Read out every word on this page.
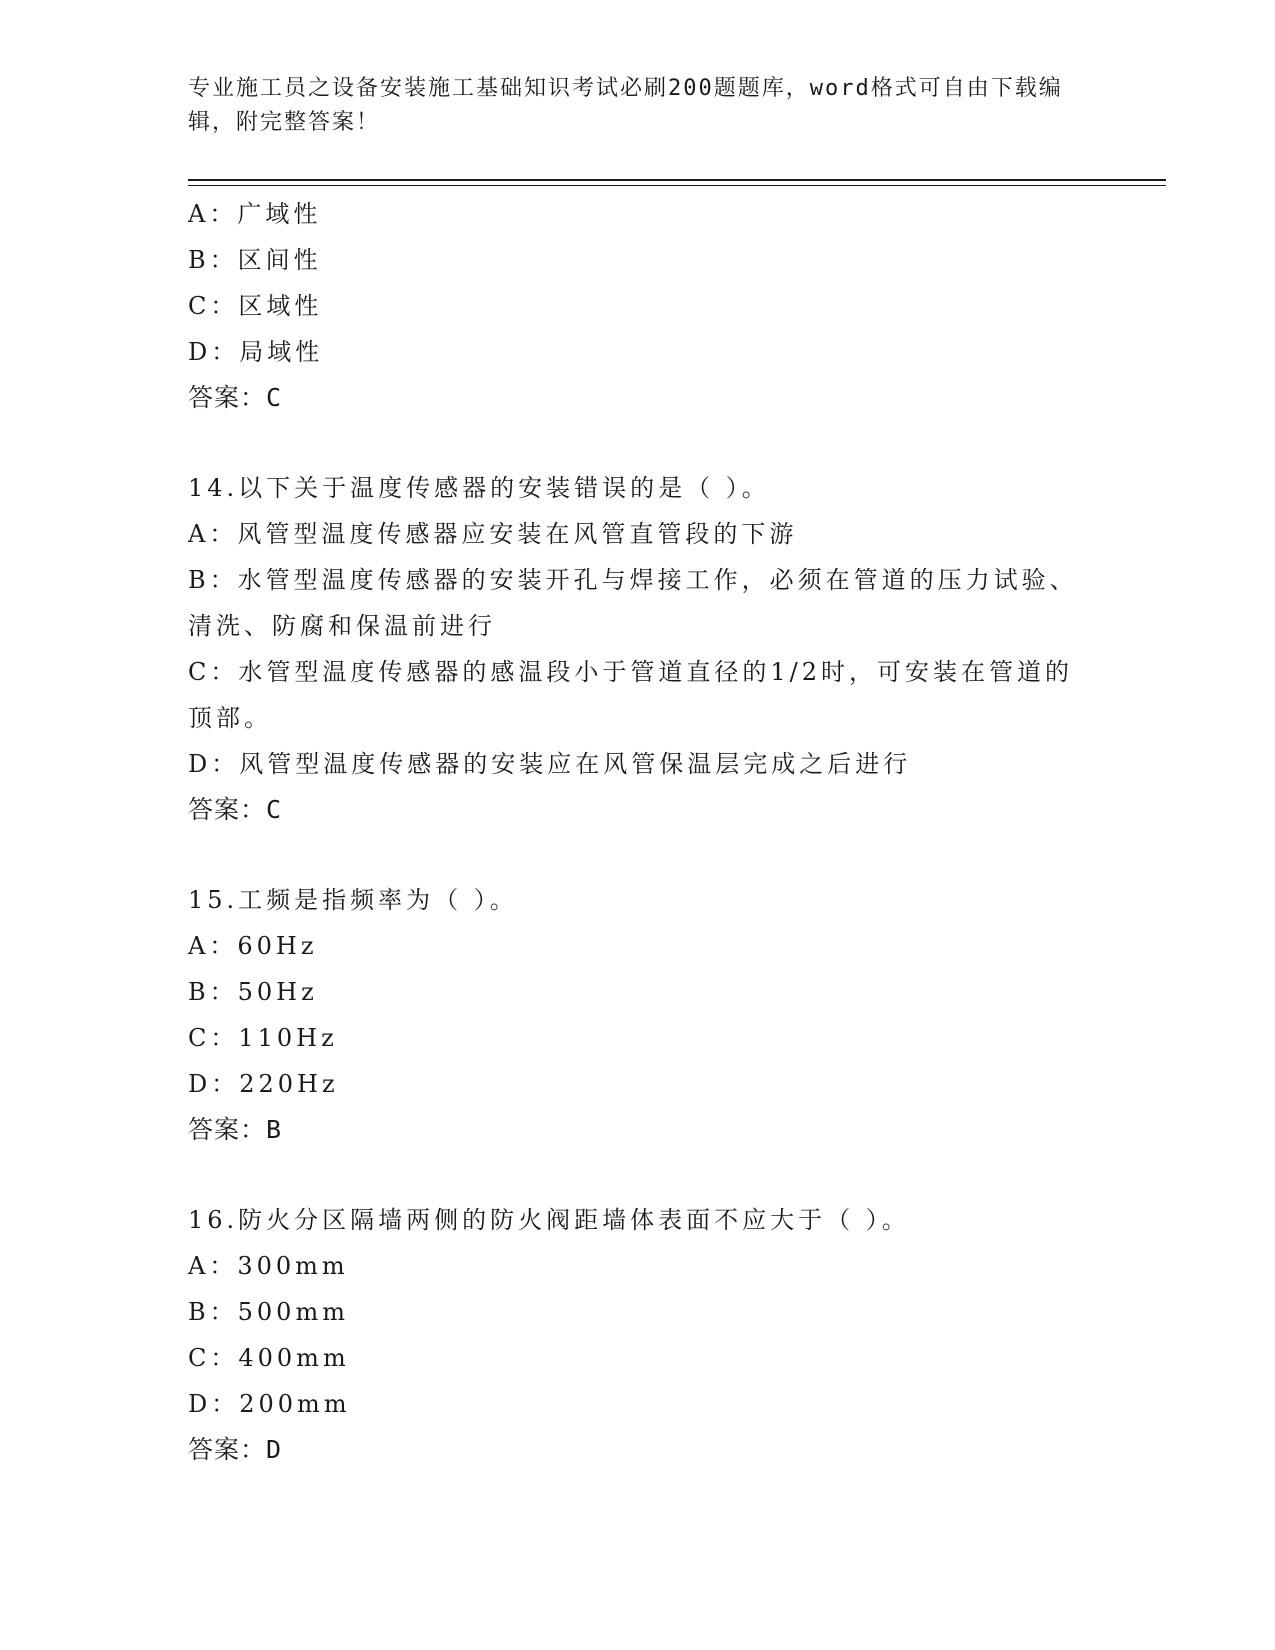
专业施工员之设备安装施工基础知识考试必刷200题题库，word格式可自由下载编辑，附完整答案！
A：广域性
B：区间性
C：区域性
D：局域性
答案：C
14.以下关于温度传感器的安装错误的是（ ）。
A：风管型温度传感器应安装在风管直管段的下游
B：水管型温度传感器的安装开孔与焊接工作，必须在管道的压力试验、清洗、防腐和保温前进行
C：水管型温度传感器的感温段小于管道直径的1/2时，可安装在管道的顶部。
D：风管型温度传感器的安装应在风管保温层完成之后进行
答案：C
15.工频是指频率为（ ）。
A：60Hz
B：50Hz
C：110Hz
D：220Hz
答案：B
16.防火分区隔墙两侧的防火阀距墙体表面不应大于（ ）。
A：300mm
B：500mm
C：400mm
D：200mm
答案：D
